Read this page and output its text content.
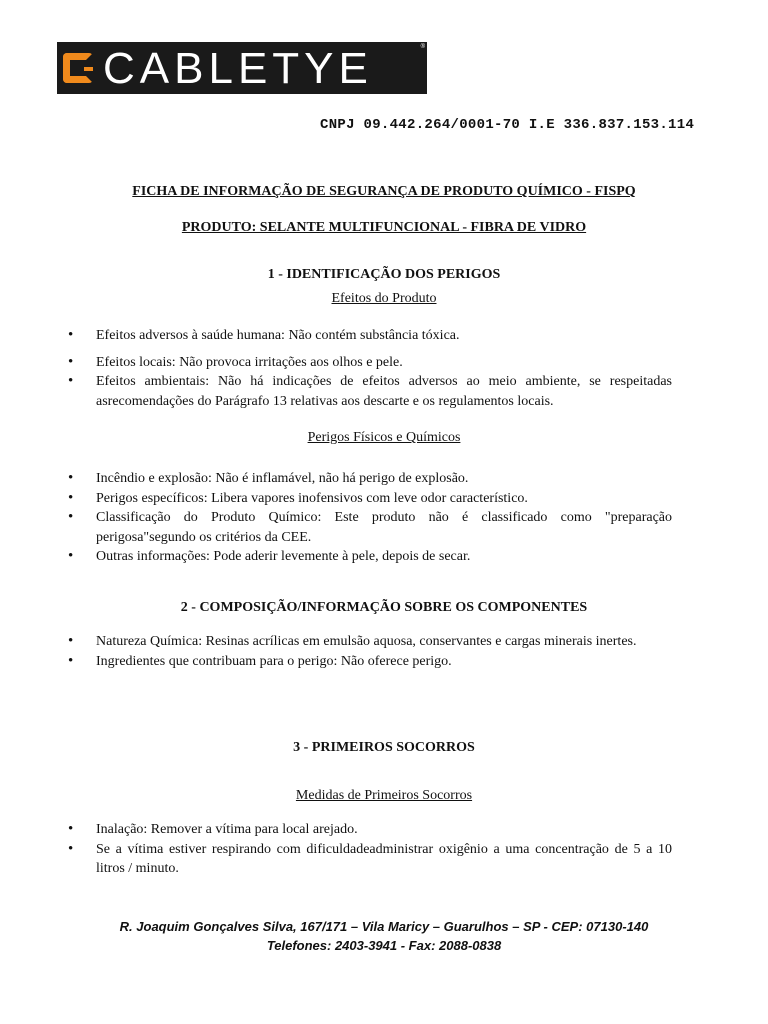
CABLETYE	®
CNPJ 09.442.264/0001-70 I.E 336.837.153.114
FICHA DE INFORMAÇÃO DE SEGURANÇA DE PRODUTO QUÍMICO - FISPQ
PRODUTO: SELANTE MULTIFUNCIONAL - FIBRA DE VIDRO
1 - IDENTIFICAÇÃO DOS PERIGOS
Efeitos do Produto
• Efeitos adversos à saúde humana: Não contém substância tóxica.
• Efeitos locais: Não provoca irritações aos olhos e pele.
• Efeitos ambientais: Não há indicações de efeitos adversos ao meio ambiente, se respeitadas asrecomendações do Parágrafo 13 relativas aos descarte e os regulamentos locais.
Perigos Físicos e Químicos
• Incêndio e explosão: Não é inflamável, não há perigo de explosão.
• Perigos específicos: Libera vapores inofensivos com leve odor característico.
• Classificação do Produto Químico: Este produto não é classificado como "preparação perigosa"segundo os critérios da CEE.
• Outras informações: Pode aderir levemente à pele, depois de secar.
2 - COMPOSIÇÃO/INFORMAÇÃO SOBRE OS COMPONENTES
• Natureza Química: Resinas acrílicas em emulsão aquosa, conservantes e cargas minerais inertes.
• Ingredientes que contribuam para o perigo: Não oferece perigo.
3 - PRIMEIROS SOCORROS
Medidas de Primeiros Socorros
• Inalação: Remover a vítima para local arejado.
• Se a vítima estiver respirando com dificuldadeadministrar oxigênio a uma concentração de 5 a 10 litros / minuto.
R. Joaquim Gonçalves Silva, 167/171 – Vila Maricy – Guarulhos – SP - CEP: 07130-140
Telefones: 2403-3941 - Fax: 2088-0838
